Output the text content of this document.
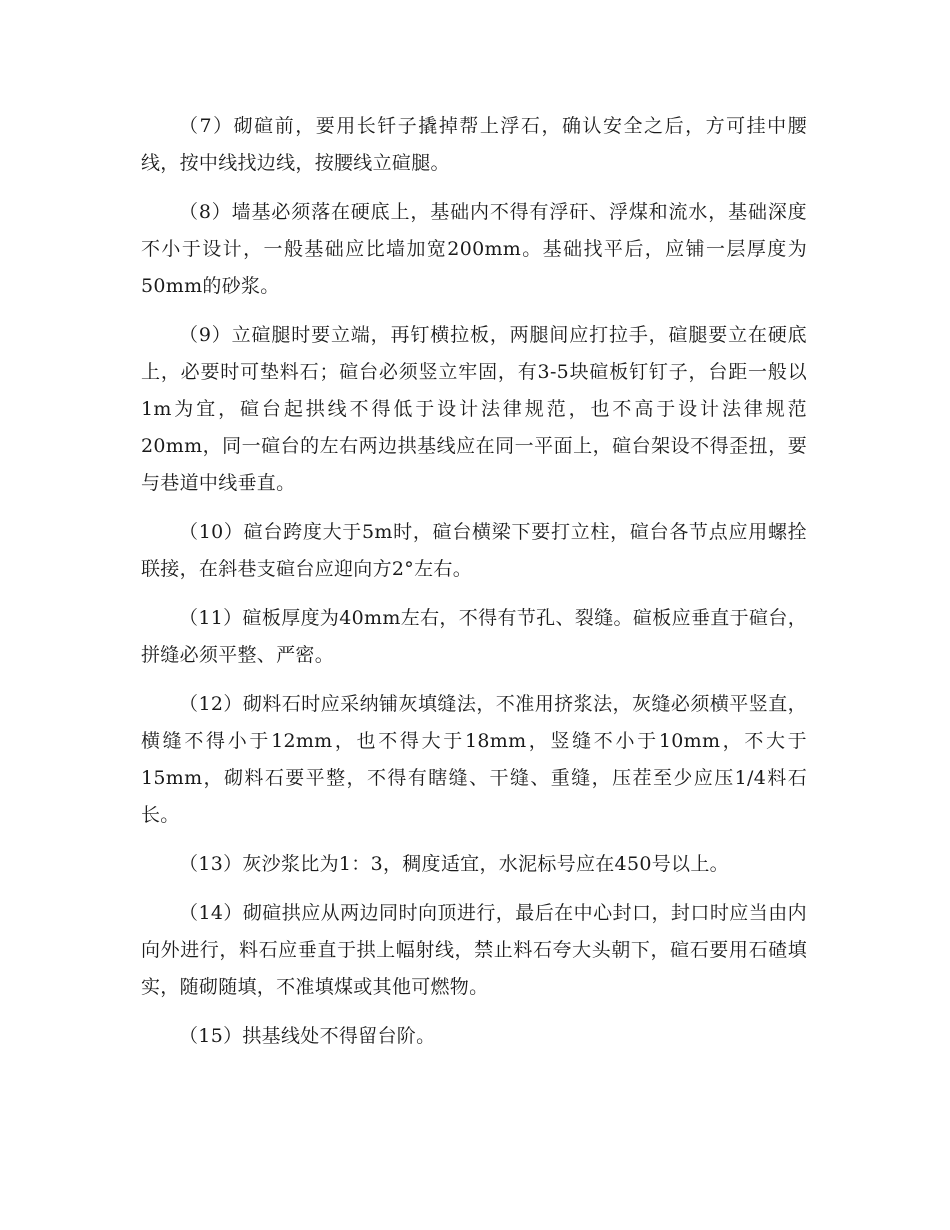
（7）砌碹前，要用长钎子撬掉帮上浮石，确认安全之后，方可挂中腰线，按中线找边线，按腰线立碹腿。

（8）墙基必须落在硬底上，基础内不得有浮矸、浮煤和流水，基础深度不小于设计，一般基础应比墙加宽200mm。基础找平后，应铺一层厚度为50mm的砂浆。

（9）立碹腿时要立端，再钉横拉板，两腿间应打拉手，碹腿要立在硬底上，必要时可垫料石；碹台必须竖立牢固，有3-5块碹板钉钉子，台距一般以1m为宜，碹台起拱线不得低于设计法律规范，也不高于设计法律规范20mm，同一碹台的左右两边拱基线应在同一平面上，碹台架设不得歪扭，要与巷道中线垂直。

（10）碹台跨度大于5m时，碹台横梁下要打立柱，碹台各节点应用螺拴联接，在斜巷支碹台应迎向方2°左右。

（11）碹板厚度为40mm左右，不得有节孔、裂缝。碹板应垂直于碹台，拼缝必须平整、严密。

（12）砌料石时应采纳铺灰填缝法，不准用挤浆法，灰缝必须横平竖直，横缝不得小于12mm，也不得大于18mm，竖缝不小于10mm，不大于15mm，砌料石要平整，不得有瞎缝、干缝、重缝，压茬至少应压1/4料石长。

（13）灰沙浆比为1：3，稠度适宜，水泥标号应在450号以上。

（14）砌碹拱应从两边同时向顶进行，最后在中心封口，封口时应当由内向外进行，料石应垂直于拱上幅射线，禁止料石夸大头朝下，碹石要用石碴填实，随砌随填，不准填煤或其他可燃物。

（15）拱基线处不得留台阶。
